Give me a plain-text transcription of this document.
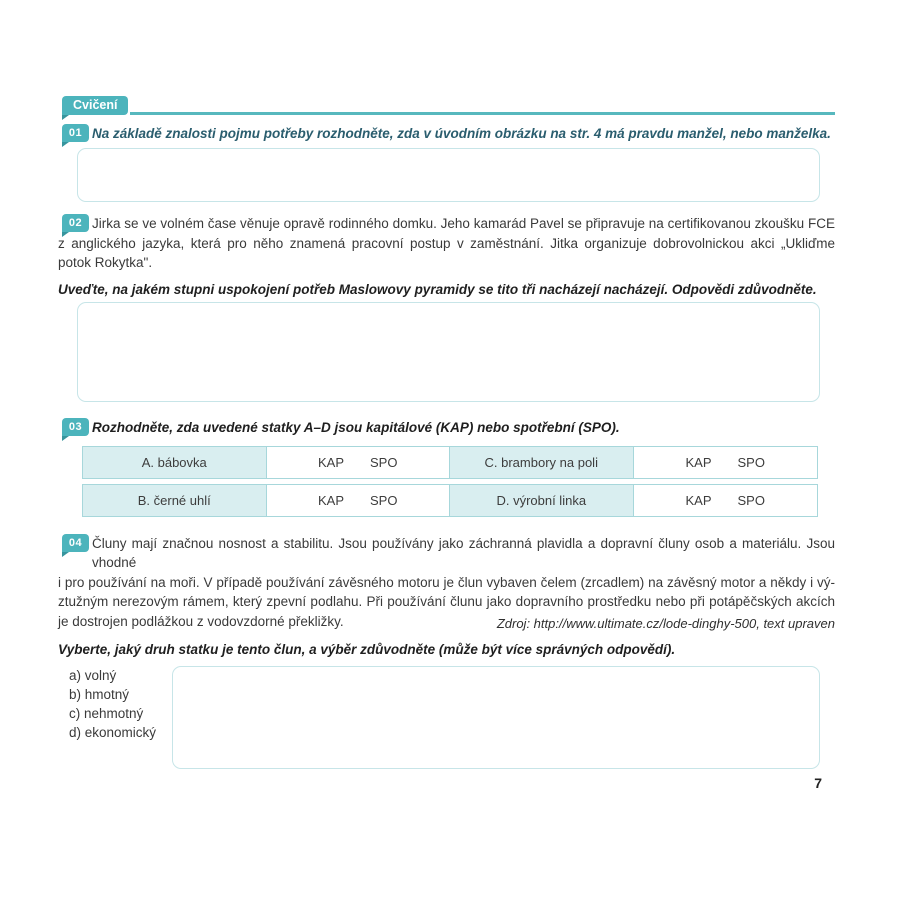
Cvičení
01 Na základě znalosti pojmu potřeby rozhodněte, zda v úvodním obrázku na str. 4 má pravdu manžel, nebo manželka.
02 Jirka se ve volném čase věnuje opravě rodinného domku. Jeho kamarád Pavel se připravuje na certifikovanou zkoušku FCE
z anglického jazyka, která pro něho znamená pracovní postup v zaměstnání. Jitka organizuje dobrovolnickou akci „Ukliďme
potok Rokytka".
Uveďte, na jakém stupni uspokojení potřeb Maslowovy pyramidy se tito tři nacházejí nacházejí. Odpovědi zdůvodněte.
03 Rozhodněte, zda uvedené statky A–D jsou kapitálové (KAP) nebo spotřební (SPO).
A. bábovka	KAP SPO	C. brambory na poli	KAP SPO
B. černé uhlí	KAP SPO	D. výrobní linka	KAP SPO
04 Čluny mají značnou nosnost a stabilitu. Jsou používány jako záchranná plavidla a dopravní čluny osob a materiálu. Jsou vhodné
i pro používání na moři. V případě používání závěsného motoru je člun vybaven čelem (zrcadlem) na závěsný motor a někdy i vý-
ztužným nerezovým rámem, který zpevní podlahu. Při používání člunu jako dopravního prostředku nebo při potápěčských akcích
je dostrojen podlážkou z vodovzdorné překližky.	Zdroj: http://www.ultimate.cz/lode-dinghy-500, text upraven
Vyberte, jaký druh statku je tento člun, a výběr zdůvodněte (může být více správných odpovědí).
a) volný
b) hmotný
c) nehmotný
d) ekonomický
7
